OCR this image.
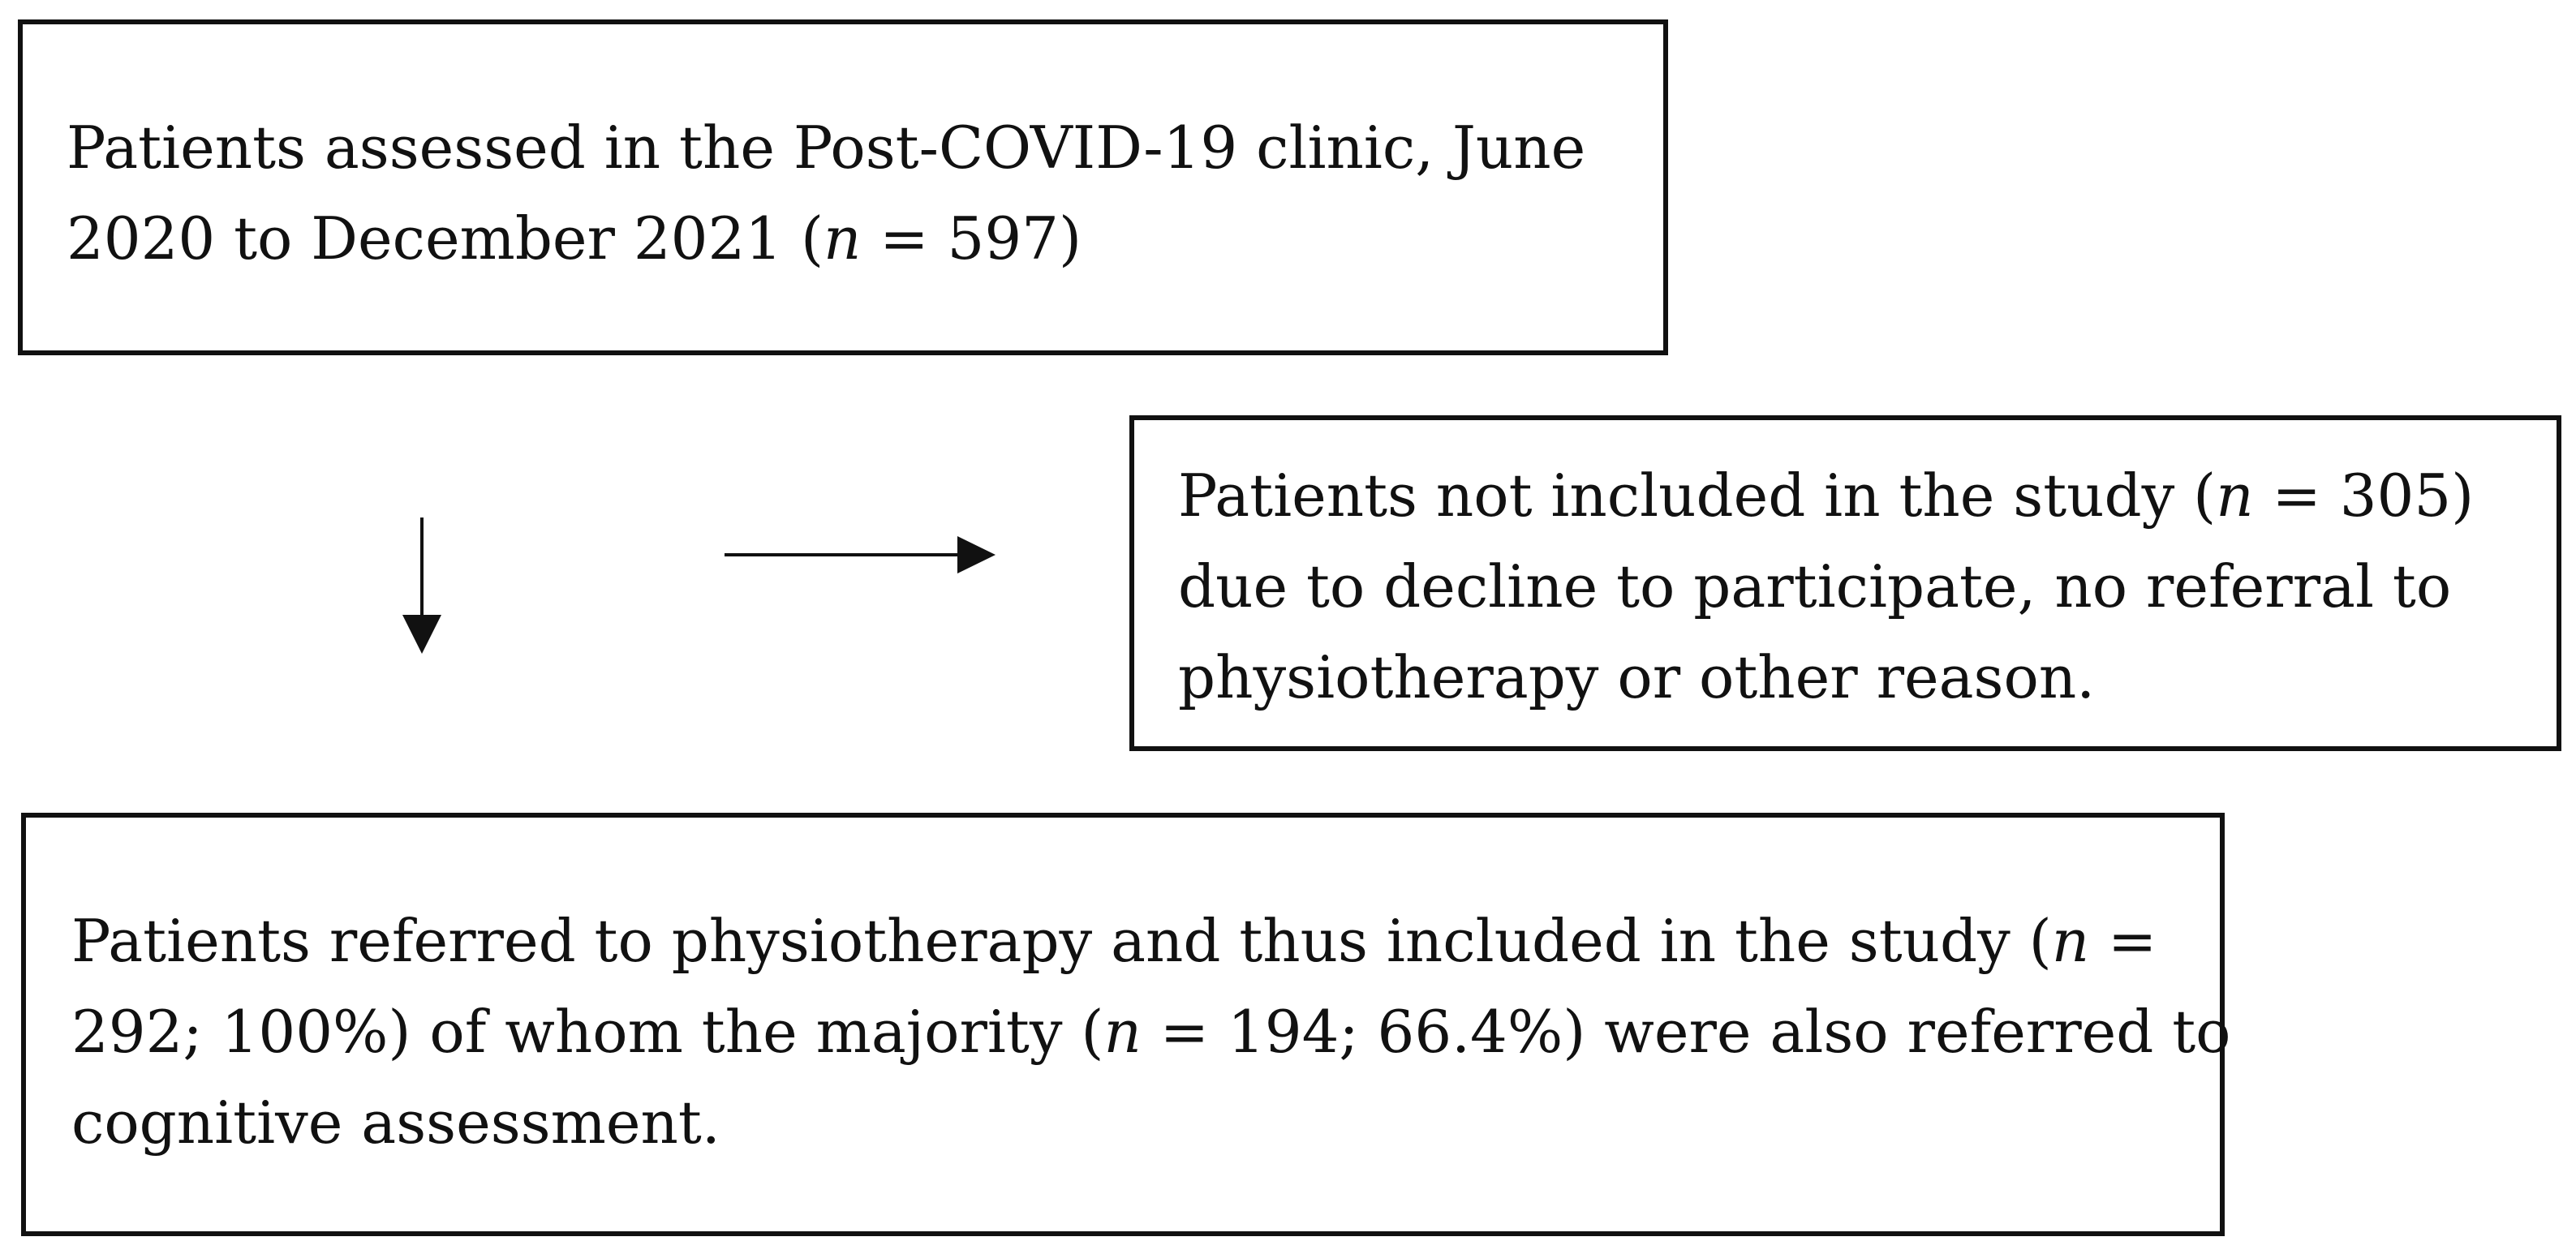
Patients assessed in the Post-COVID-19 clinic, June
2020 to December 2021 (n = 597)

Patients not included in the study (n = 305)
due to decline to participate, no referral to
physiotherapy or other reason.

Patients referred to physiotherapy and thus included in the study (n =
292; 100%) of whom the majority (n = 194; 66.4%) were also referred to
cognitive assessment.
